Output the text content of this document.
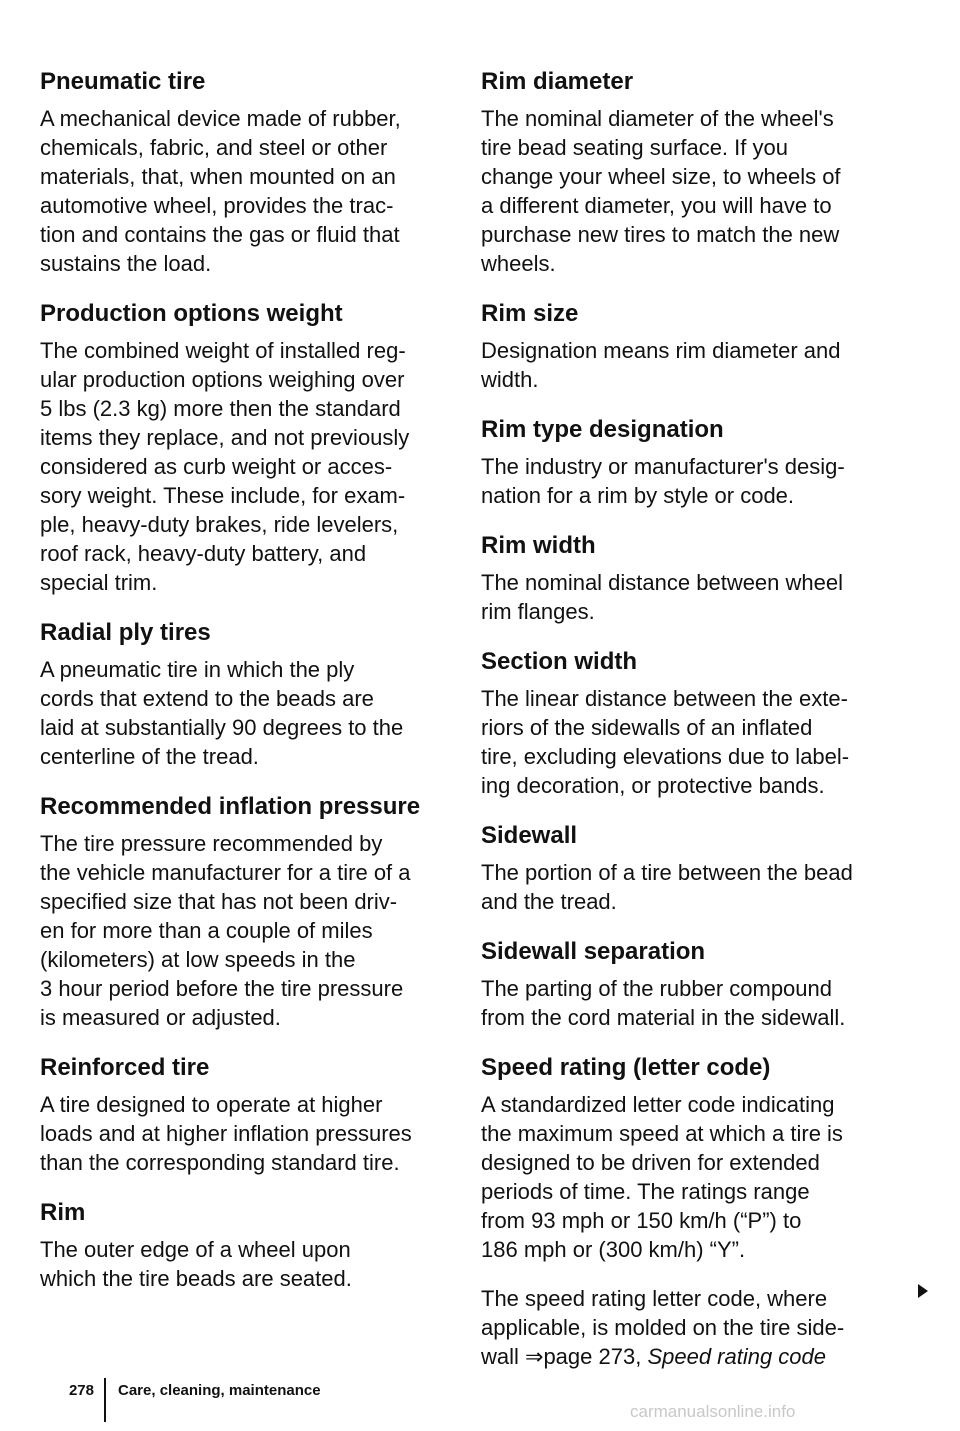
Pneumatic tire

A mechanical device made of rubber,
chemicals, fabric, and steel or other
materials, that, when mounted on an
automotive wheel, provides the trac-
tion and contains the gas or fluid that
sustains the load.

Production options weight

The combined weight of installed reg-
ular production options weighing over
5 lbs (2.3 kg) more then the standard
items they replace, and not previously
considered as curb weight or acces-
sory weight. These include, for exam-
ple, heavy-duty brakes, ride levelers,
roof rack, heavy-duty battery, and
special trim.

Radial ply tires

A pneumatic tire in which the ply
cords that extend to the beads are
laid at substantially 90 degrees to the
centerline of the tread.

Recommended inflation pressure

The tire pressure recommended by
the vehicle manufacturer for a tire of a
specified size that has not been driv-
en for more than a couple of miles
(kilometers) at low speeds in the
3 hour period before the tire pressure
is measured or adjusted.

Reinforced tire

A tire designed to operate at higher
loads and at higher inflation pressures
than the corresponding standard tire.

Rim

The outer edge of a wheel upon
which the tire beads are seated.

Rim diameter

The nominal diameter of the wheel's
tire bead seating surface. If you
change your wheel size, to wheels of
a different diameter, you will have to
purchase new tires to match the new
wheels.

Rim size

Designation means rim diameter and
width.

Rim type designation

The industry or manufacturer's desig-
nation for a rim by style or code.

Rim width

The nominal distance between wheel
rim flanges.

Section width

The linear distance between the exte-
riors of the sidewalls of an inflated
tire, excluding elevations due to label-
ing decoration, or protective bands.

Sidewall

The portion of a tire between the bead
and the tread.

Sidewall separation

The parting of the rubber compound
from the cord material in the sidewall.

Speed rating (letter code)

A standardized letter code indicating
the maximum speed at which a tire is
designed to be driven for extended
periods of time. The ratings range
from 93 mph or 150 km/h (“P”) to
186 mph or (300 km/h) “Y”.

The speed rating letter code, where
applicable, is molded on the tire side-
wall ⇒page 273, Speed rating code

278 Care, cleaning, maintenance
carmanualsonline.info
